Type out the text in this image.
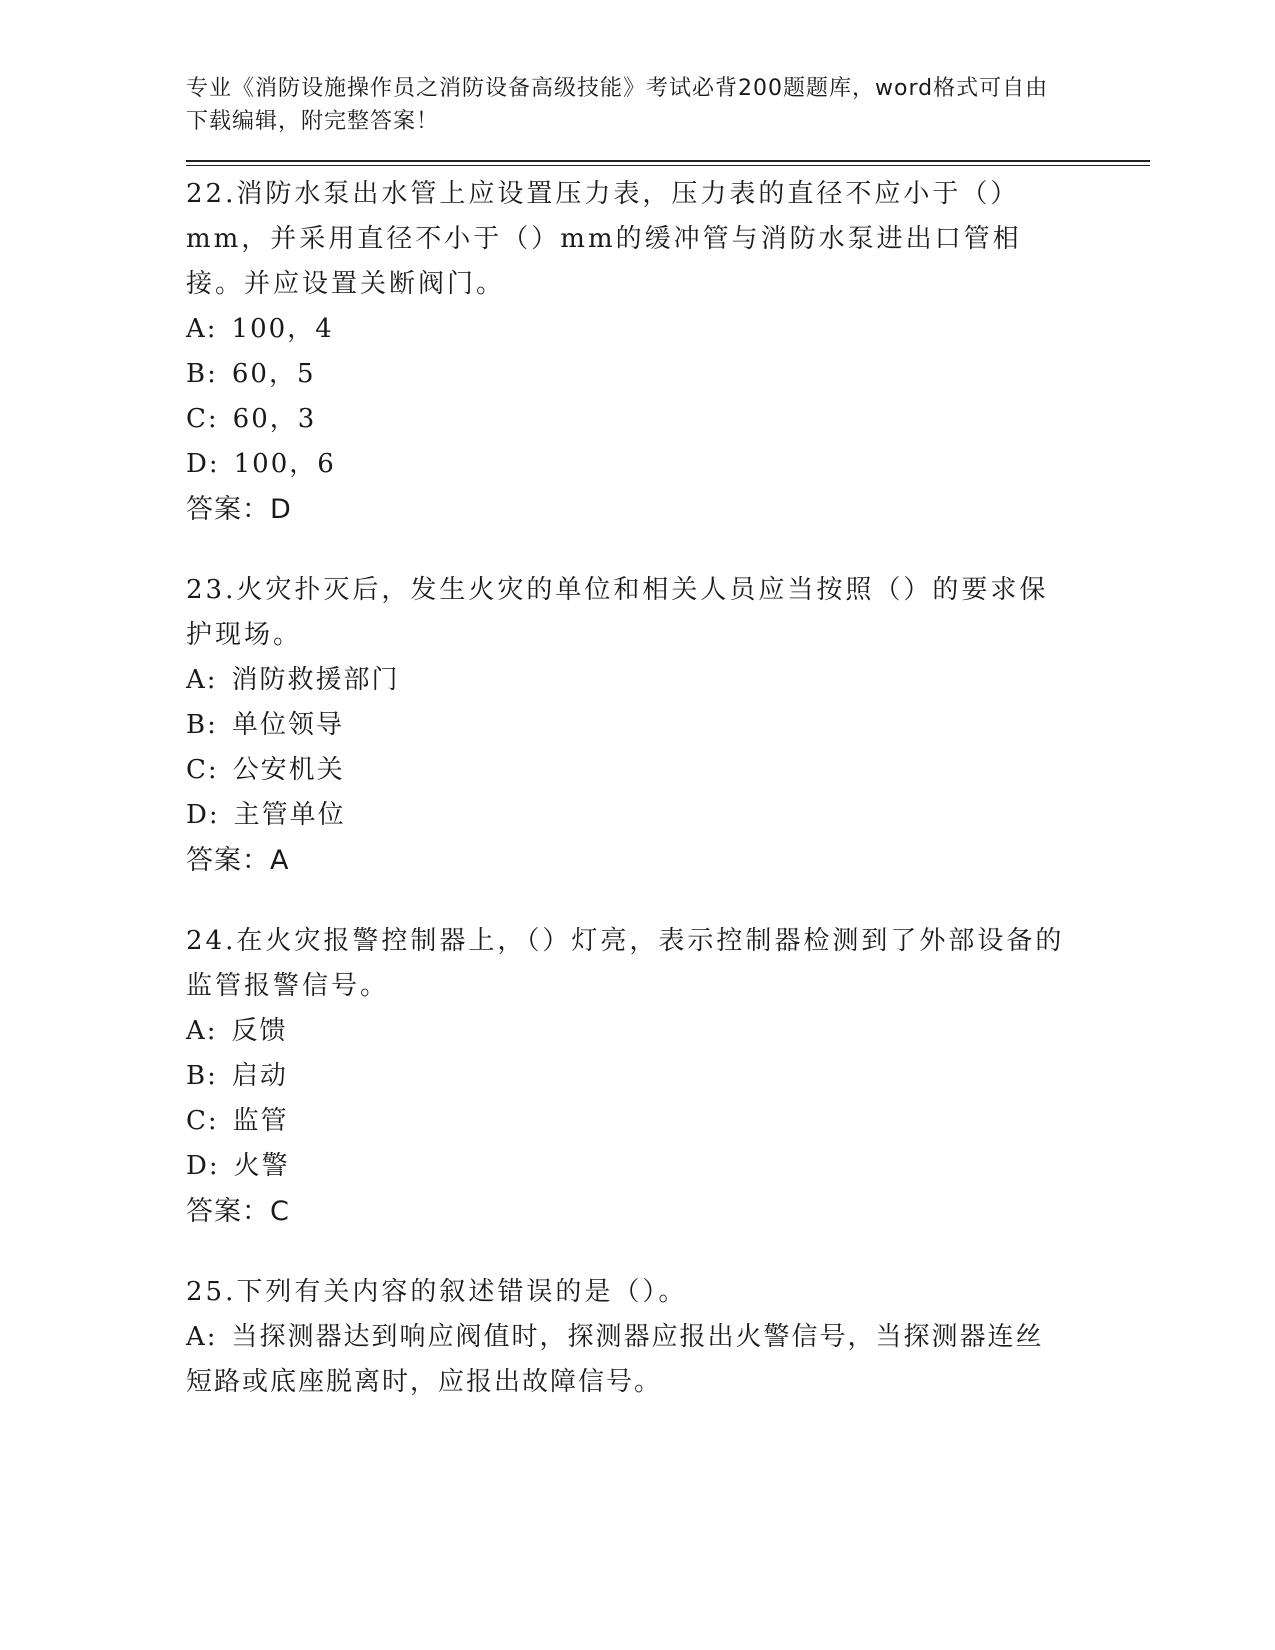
专业《消防设施操作员之消防设备高级技能》考试必背200题题库，word格式可自由下载编辑，附完整答案！
22.消防水泵出水管上应设置压力表，压力表的直径不应小于（）mm，并采用直径不小于（）mm的缓冲管与消防水泵进出口管相接。并应设置关断阀门。
A: 100，4
B: 60，5
C: 60，3
D: 100，6
答案：D
23.火灾扑灭后，发生火灾的单位和相关人员应当按照（）的要求保护现场。
A: 消防救援部门
B: 单位领导
C: 公安机关
D: 主管单位
答案：A
24.在火灾报警控制器上，（）灯亮，表示控制器检测到了外部设备的监管报警信号。
A: 反馈
B: 启动
C: 监管
D: 火警
答案：C
25.下列有关内容的叙述错误的是（）。
A: 当探测器达到响应阀值时，探测器应报出火警信号，当探测器连丝短路或底座脱离时，应报出故障信号。
